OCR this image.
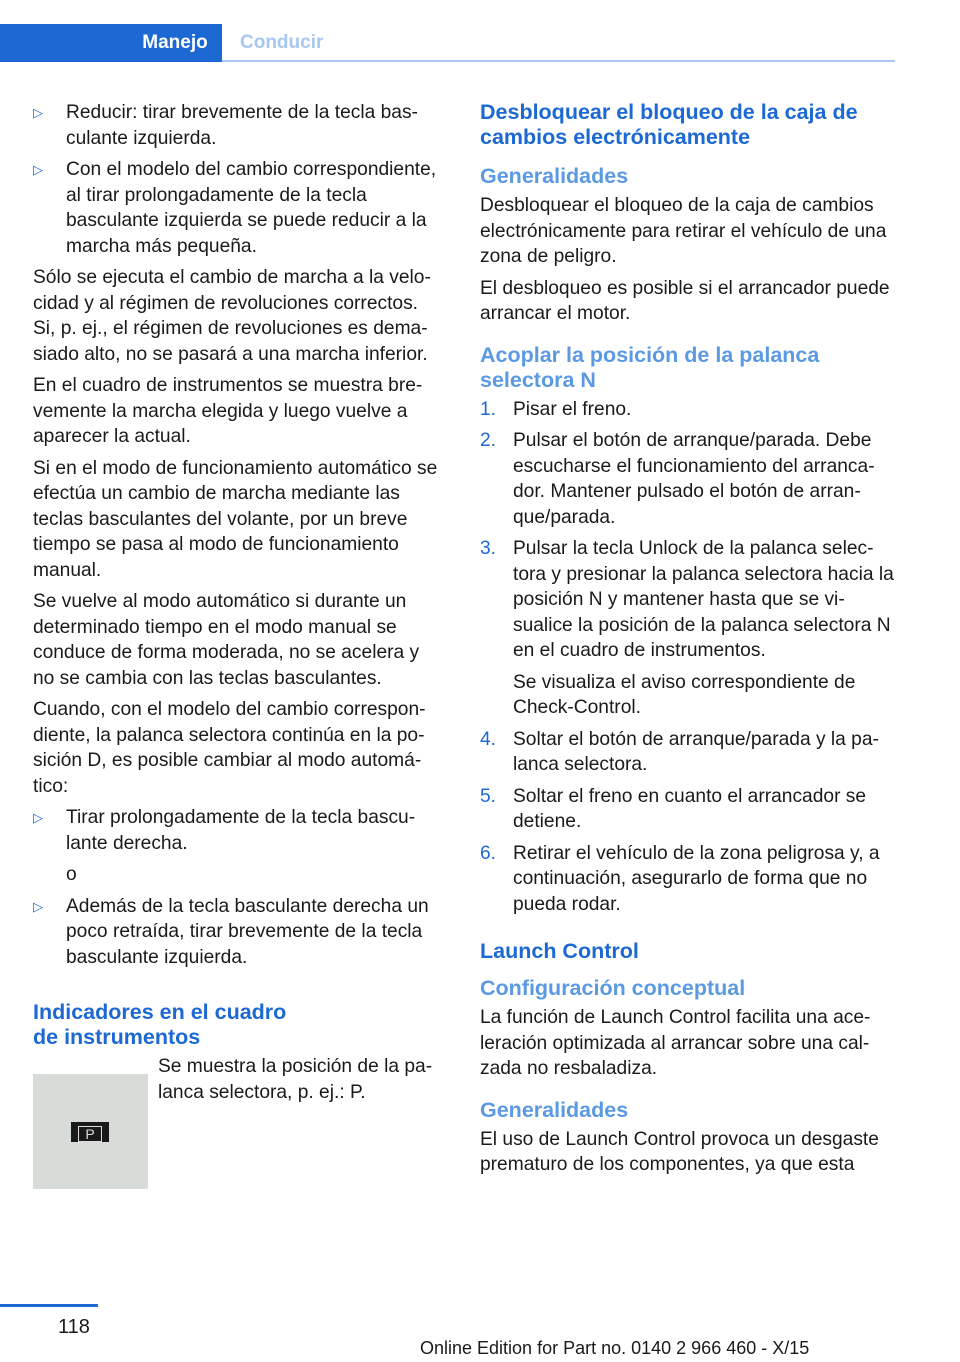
Manejo	Conducir
▷	Reducir: tirar brevemente de la tecla basculante izquierda.
▷	Con el modelo del cambio correspondiente, al tirar prolongadamente de la tecla basculante izquierda se puede reducir a la marcha más pequeña.

Sólo se ejecuta el cambio de marcha a la velocidad y al régimen de revoluciones correctos. Si, p. ej., el régimen de revoluciones es demasiado alto, no se pasará a una marcha inferior.

En el cuadro de instrumentos se muestra brevemente la marcha elegida y luego vuelve a aparecer la actual.

Si en el modo de funcionamiento automático se efectúa un cambio de marcha mediante las teclas basculantes del volante, por un breve tiempo se pasa al modo de funcionamiento manual.

Se vuelve al modo automático si durante un determinado tiempo en el modo manual se conduce de forma moderada, no se acelera y no se cambia con las teclas basculantes.

Cuando, con el modelo del cambio correspondiente, la palanca selectora continúa en la posición D, es posible cambiar al modo automático:

▷	Tirar prolongadamente de la tecla basculante derecha.

o

▷	Además de la tecla basculante derecha un poco retraída, tirar brevemente de la tecla basculante izquierda.
Indicadores en el cuadro de instrumentos
P

Se muestra la posición de la palanca selectora, p. ej.: P.

Desbloquear el bloqueo de la caja de cambios electrónicamente
Generalidades

Desbloquear el bloqueo de la caja de cambios electrónicamente para retirar el vehículo de una zona de peligro.

El desbloqueo es posible si el arrancador puede arrancar el motor.

Acoplar la posición de la palanca selectora N
1. Pisar el freno.
2. Pulsar el botón de arranque/parada. Debe escucharse el funcionamiento del arrancador. Mantener pulsado el botón de arranque/parada.
3. Pulsar la tecla Unlock de la palanca selectora y presionar la palanca selectora hacia la posición N y mantener hasta que se visualice la posición de la palanca selectora N en el cuadro de instrumentos.

Se visualiza el aviso correspondiente de Check-Control.

4. Soltar el botón de arranque/parada y la palanca selectora.
5. Soltar el freno en cuanto el arrancador se detiene.
6. Retirar el vehículo de la zona peligrosa y, a continuación, asegurarlo de forma que no pueda rodar.
Launch Control
Configuración conceptual

La función de Launch Control facilita una aceleración optimizada al arrancar sobre una calzada no resbaladiza.

Generalidades

El uso de Launch Control provoca un desgaste prematuro de los componentes, ya que esta

118
Online Edition for Part no. 0140 2 966 460 - X/15
